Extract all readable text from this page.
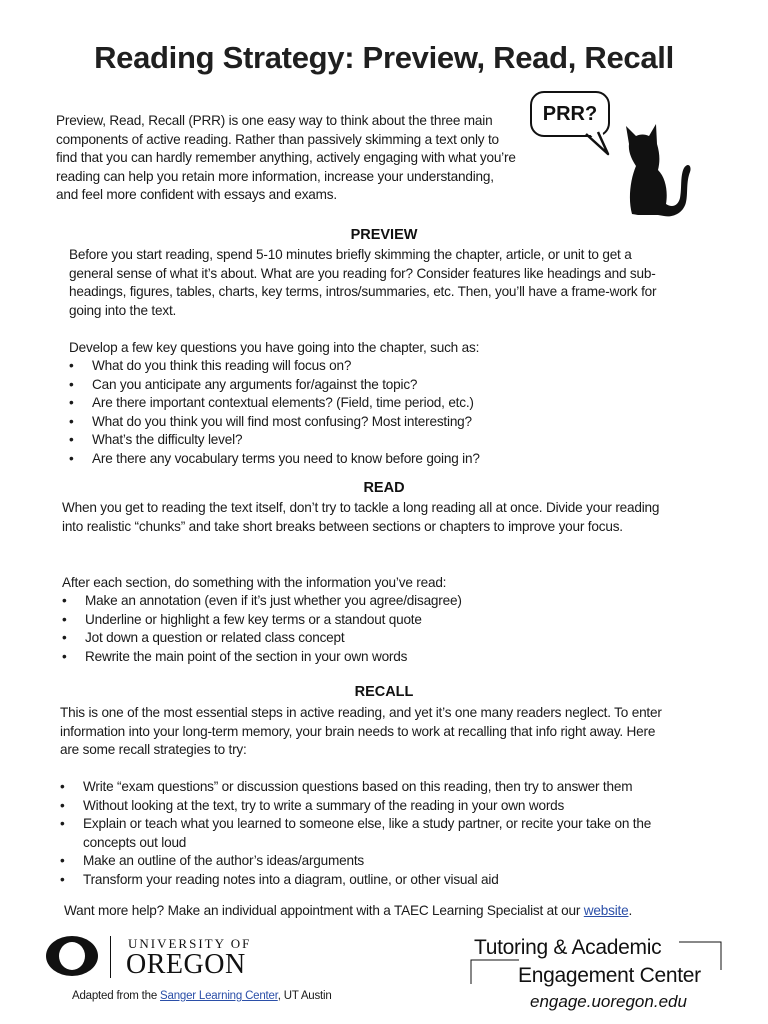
Reading Strategy: Preview, Read, Recall

Preview, Read, Recall (PRR) is one easy way to think about the three main components of active reading. Rather than passively skimming a text only to find that you can hardly remember anything, actively engaging with what you’re reading can help you retain more information, increase your understanding, and feel more confident with essays and exams.

PRR?
PREVIEW

Before you start reading, spend 5-10 minutes briefly skimming the chapter, article, or unit to get a general sense of what it’s about. What are you reading for? Consider features like headings and sub-headings, figures, tables, charts, key terms, intros/summaries, etc. Then, you’ll have a frame-work for going into the text.

Develop a few key questions you have going into the chapter, such as:

• What do you think this reading will focus on?
• Can you anticipate any arguments for/against the topic?
• Are there important contextual elements? (Field, time period, etc.)
• What do you think you will find most confusing? Most interesting?
• What’s the difficulty level?
• Are there any vocabulary terms you need to know before going in?
READ

When you get to reading the text itself, don’t try to tackle a long reading all at once. Divide your reading into realistic “chunks” and take short breaks between sections or chapters to improve your focus.

After each section, do something with the information you’ve read:

• Make an annotation (even if it’s just whether you agree/disagree)
• Underline or highlight a few key terms or a standout quote
• Jot down a question or related class concept
• Rewrite the main point of the section in your own words
RECALL

This is one of the most essential steps in active reading, and yet it’s one many readers neglect. To enter information into your long-term memory, your brain needs to work at recalling that info right away. Here are some recall strategies to try:

• Write “exam questions” or discussion questions based on this reading, then try to answer them
• Without looking at the text, try to write a summary of the reading in your own words
• Explain or teach what you learned to someone else, like a study partner, or recite your take on the concepts out loud
• Make an outline of the author’s ideas/arguments
• Transform your reading notes into a diagram, outline, or other visual aid
Want more help? Make an individual appointment with a TAEC Learning Specialist at our website.
UNIVERSITY OF
OREGON
Adapted from the Sanger Learning Center, UT Austin
Tutoring & Academic
Engagement Center
engage.uoregon.edu
